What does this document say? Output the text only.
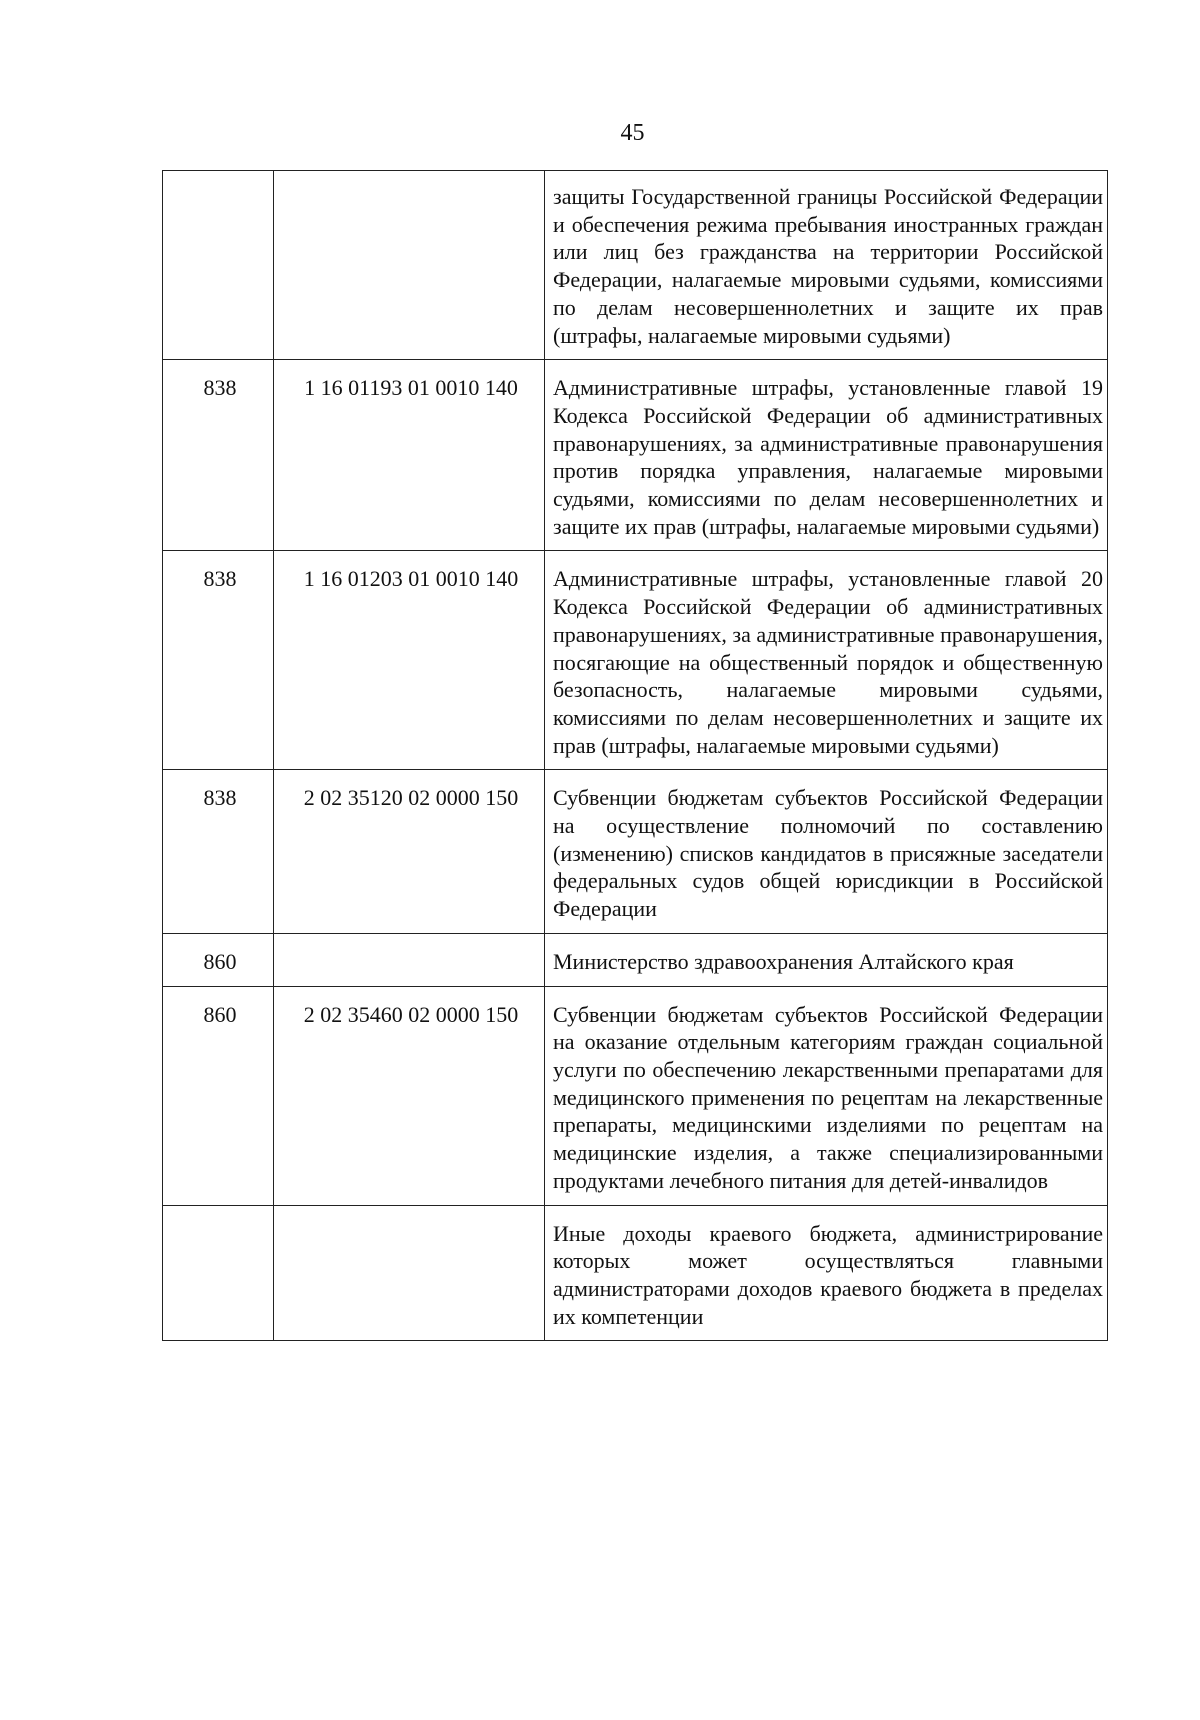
45
		защиты Государственной границы Российской Федерации и обеспечения режима пребывания иностранных граждан или лиц без гражданства на территории Российской Федерации, налагаемые мировыми судьями, комиссиями по делам несовершеннолетних и защите их прав (штрафы, налагаемые мировыми судьями)
838	1 16 01193 01 0010 140	Административные штрафы, установленные главой 19 Кодекса Российской Федерации об административных правонарушениях, за административные правонарушения против порядка управления, налагаемые мировыми судьями, комиссиями по делам несовершеннолетних и защите их прав (штрафы, налагаемые мировыми судьями)
838	1 16 01203 01 0010 140	Административные штрафы, установленные главой 20 Кодекса Российской Федерации об административных правонарушениях, за административные правонарушения, посягающие на общественный порядок и общественную безопасность, налагаемые мировыми судьями, комиссиями по делам несовершеннолетних и защите их прав (штрафы, налагаемые мировыми судьями)
838	2 02 35120 02 0000 150	Субвенции бюджетам субъектов Российской Федерации на осуществление полномочий по составлению (изменению) списков кандидатов в присяжные заседатели федеральных судов общей юрисдикции в Российской Федерации
860		Министерство здравоохранения Алтайского края
860	2 02 35460 02 0000 150	Субвенции бюджетам субъектов Российской Федерации на оказание отдельным категориям граждан социальной услуги по обеспечению лекарственными препаратами для медицинского применения по рецептам на лекарственные препараты, медицинскими изделиями по рецептам на медицинские изделия, а также специализированными продуктами лечебного питания для детей-инвалидов
		Иные доходы краевого бюджета, администрирование которых может осуществляться главными администраторами доходов краевого бюджета в пределах их компетенции
